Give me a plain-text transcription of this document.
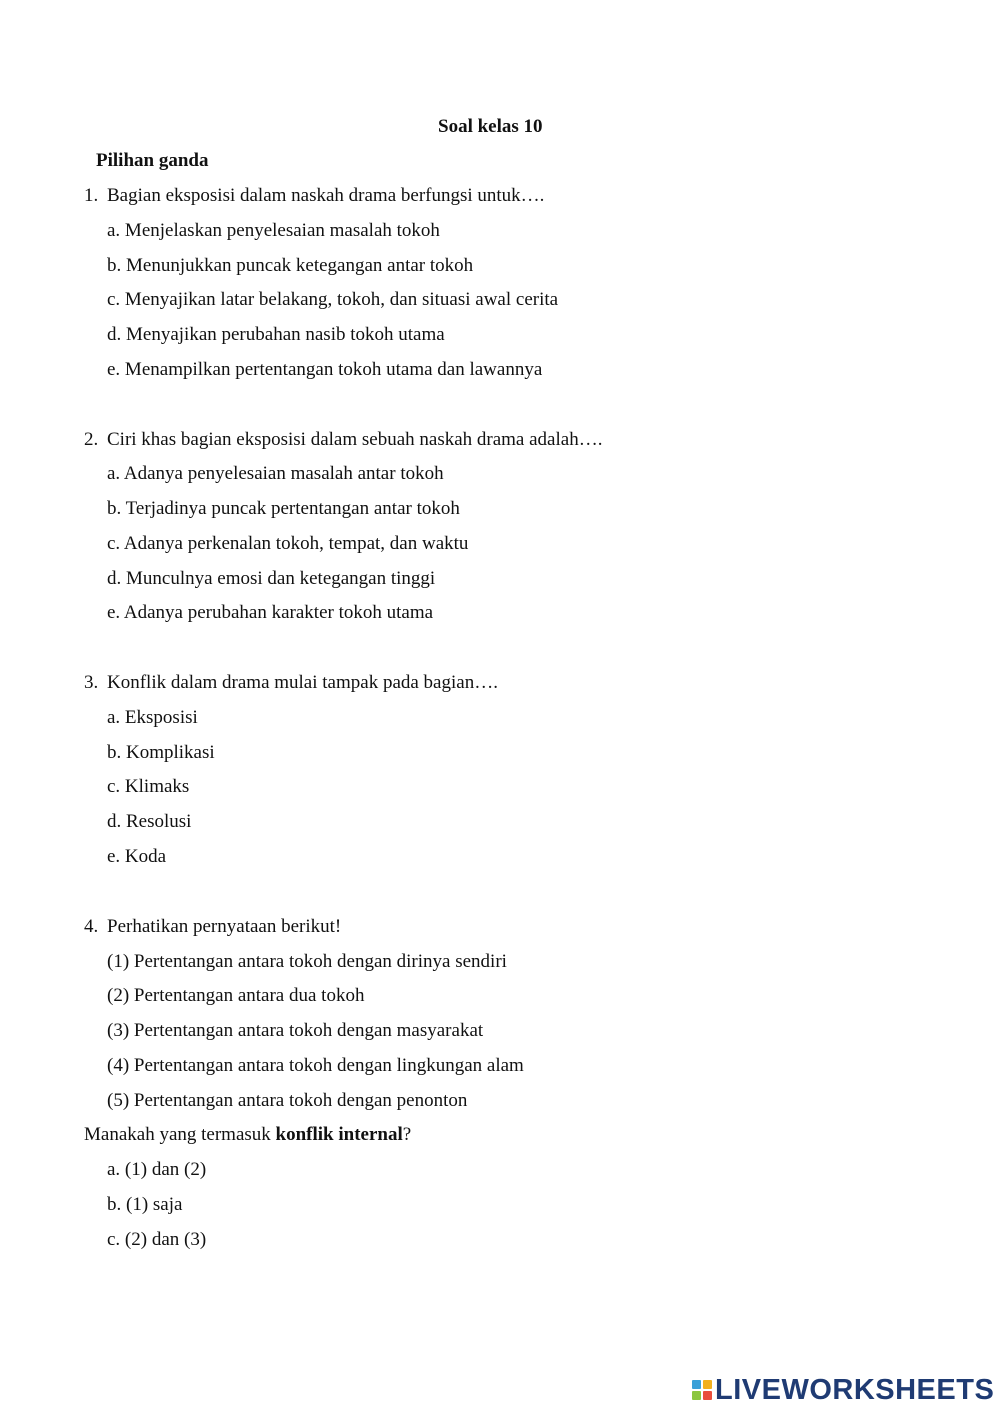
Soal kelas 10
Pilihan ganda
1. Bagian eksposisi dalam naskah drama berfungsi untuk….
a. Menjelaskan penyelesaian masalah tokoh
b. Menunjukkan puncak ketegangan antar tokoh
c. Menyajikan latar belakang, tokoh, dan situasi awal cerita
d. Menyajikan perubahan nasib tokoh utama
e. Menampilkan pertentangan tokoh utama dan lawannya
2. Ciri khas bagian eksposisi dalam sebuah naskah drama adalah….
a. Adanya penyelesaian masalah antar tokoh
b. Terjadinya puncak pertentangan antar tokoh
c. Adanya perkenalan tokoh, tempat, dan waktu
d. Munculnya emosi dan ketegangan tinggi
e. Adanya perubahan karakter tokoh utama
3. Konflik dalam drama mulai tampak pada bagian….
a. Eksposisi
b. Komplikasi
c. Klimaks
d. Resolusi
e. Koda
4. Perhatikan pernyataan berikut!
(1) Pertentangan antara tokoh dengan dirinya sendiri
(2) Pertentangan antara dua tokoh
(3) Pertentangan antara tokoh dengan masyarakat
(4) Pertentangan antara tokoh dengan lingkungan alam
(5) Pertentangan antara tokoh dengan penonton
Manakah yang termasuk konflik internal?
a. (1) dan (2)
b. (1) saja
c. (2) dan (3)
LIVEWORKSHEETS
